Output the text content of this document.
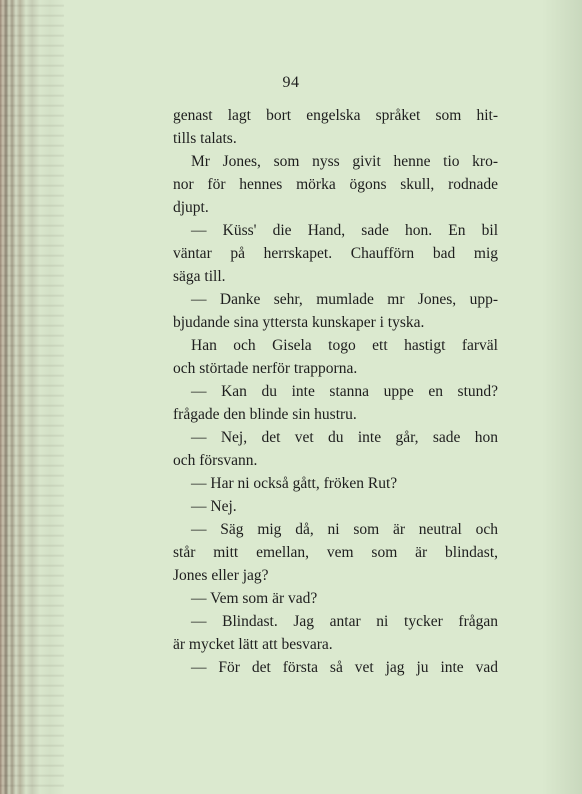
94
genast lagt bort engelska språket som hit-
tills talats.
Mr Jones, som nyss givit henne tio kro-
nor för hennes mörka ögons skull, rodnade
djupt.
— Küss' die Hand, sade hon. En bil
väntar på herrskapet. Chaufförn bad mig
säga till.
— Danke sehr, mumlade mr Jones, upp-
bjudande sina yttersta kunskaper i tyska.
Han och Gisela togo ett hastigt farväl
och störtade nerför trapporna.
— Kan du inte stanna uppe en stund?
frågade den blinde sin hustru.
— Nej, det vet du inte går, sade hon
och försvann.
— Har ni också gått, fröken Rut?
— Nej.
— Säg mig då, ni som är neutral och
står mitt emellan, vem som är blindast,
Jones eller jag?
— Vem som är vad?
— Blindast. Jag antar ni tycker frågan
är mycket lätt att besvara.
— För det första så vet jag ju inte vad
